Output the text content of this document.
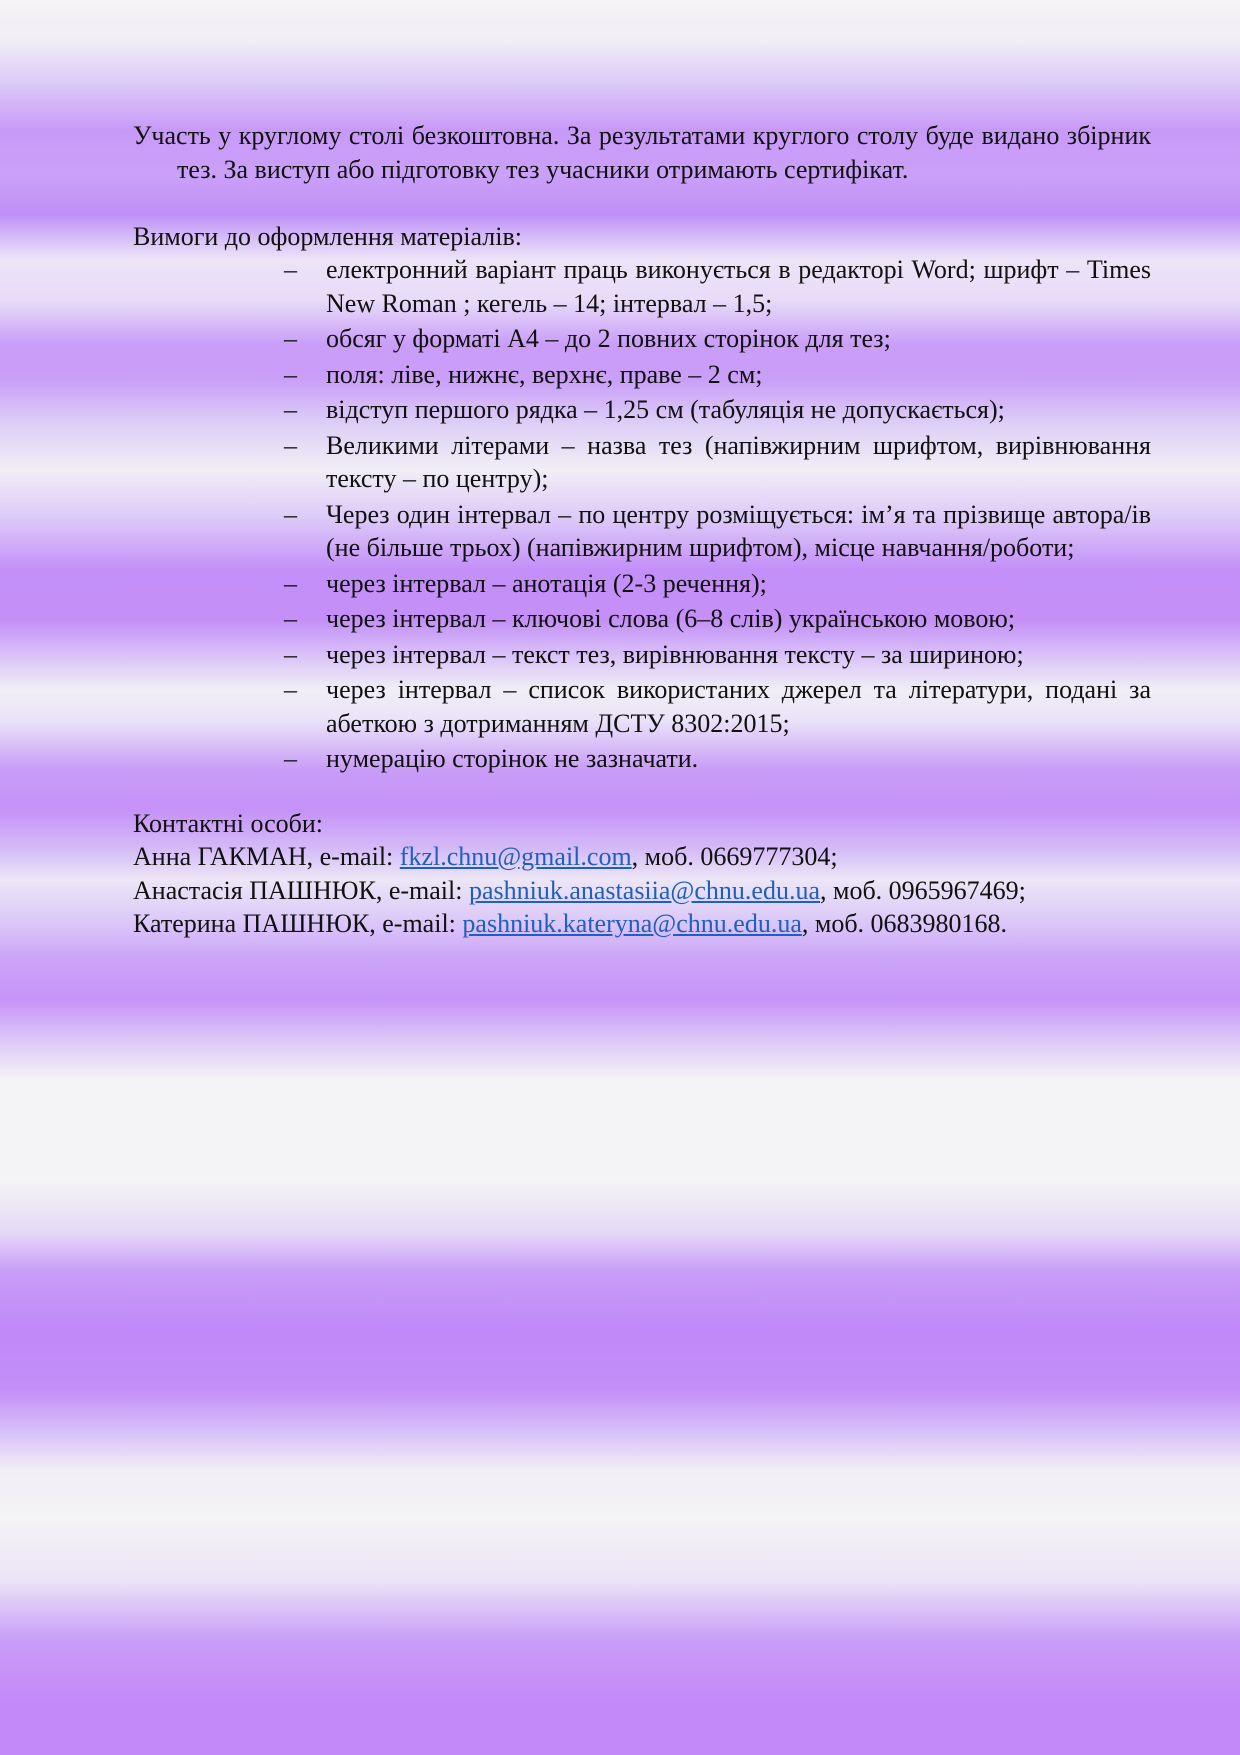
Участь у круглому столі безкоштовна. За результатами круглого столу буде видано збірник тез. За виступ або підготовку тез учасники отримають сертифікат.

Вимоги до оформлення матеріалів:

– електронний варіант праць виконується в редакторі Word; шрифт – Times New Roman ; кегель – 14; інтервал – 1,5;
– обсяг у форматі А4 – до 2 повних сторінок для тез;
– поля: ліве, нижнє, верхнє, праве – 2 см;
– відступ першого рядка – 1,25 см (табуляція не допускається);
– Великими літерами – назва тез (напівжирним шрифтом, вирівнювання тексту – по центру);
– Через один інтервал – по центру розміщується: ім’я та прізвище автора/ів (не більше трьох) (напівжирним шрифтом), місце навчання/роботи;
– через інтервал – анотація (2-3 речення);
– через інтервал – ключові слова (6–8 слів) українською мовою;
– через інтервал – текст тез, вирівнювання тексту – за шириною;
– через інтервал – список використаних джерел та літератури, подані за абеткою з дотриманням ДСТУ 8302:2015;
– нумерацію сторінок не зазначати.

Контактні особи:

Анна ГАКМАН, e-mail: fkzl.chnu@gmail.com, моб. 0669777304;

Анастасія ПАШНЮК, e-mail: pashniuk.anastasiia@chnu.edu.ua, моб. 0965967469;

Катерина ПАШНЮК, e-mail: pashniuk.kateryna@chnu.edu.ua, моб. 0683980168.
